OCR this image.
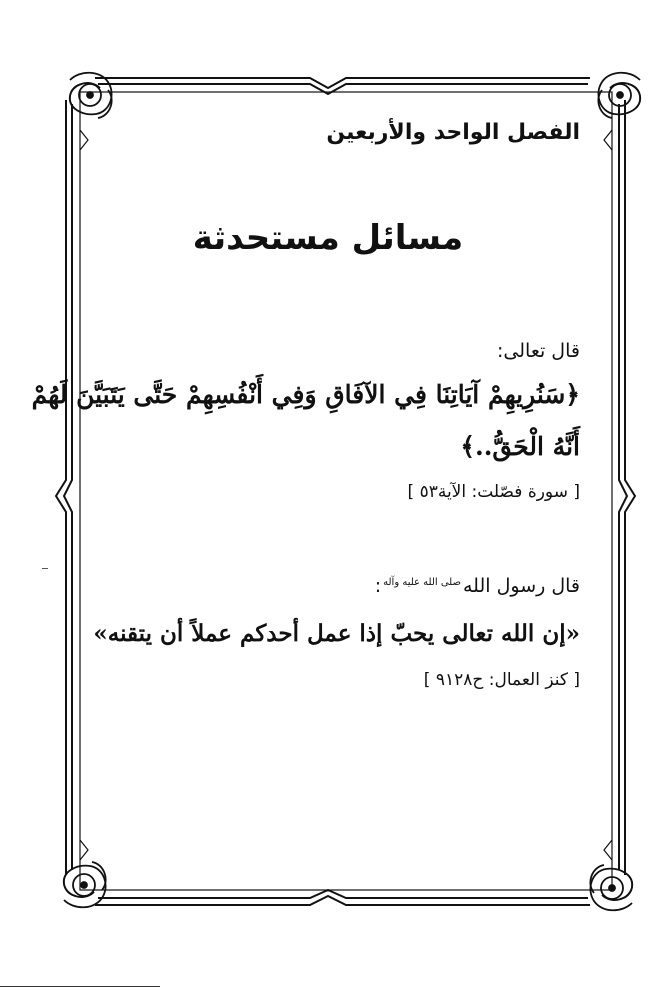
الفصل الواحد والأربعين
مسائل مستحدثة
قال تعالى:
﴿سَنُرِيهِمْ آيَاتِنَا فِي الآفَاقِ وَفِي أَنْفُسِهِمْ حَتَّى يَتَبَيَّنَ لَهُمْ
أَنَّهُ الْحَقُّ..﴾
[ سورة فصّلت: الآية٥٣ ]
قال رسول اللهصلى الله عليه وآله:
«إن الله تعالى يحبّ إذا عمل أحدكم عملاً أن يتقنه»
[ كنز العمال: ح٩١٢٨ ]
